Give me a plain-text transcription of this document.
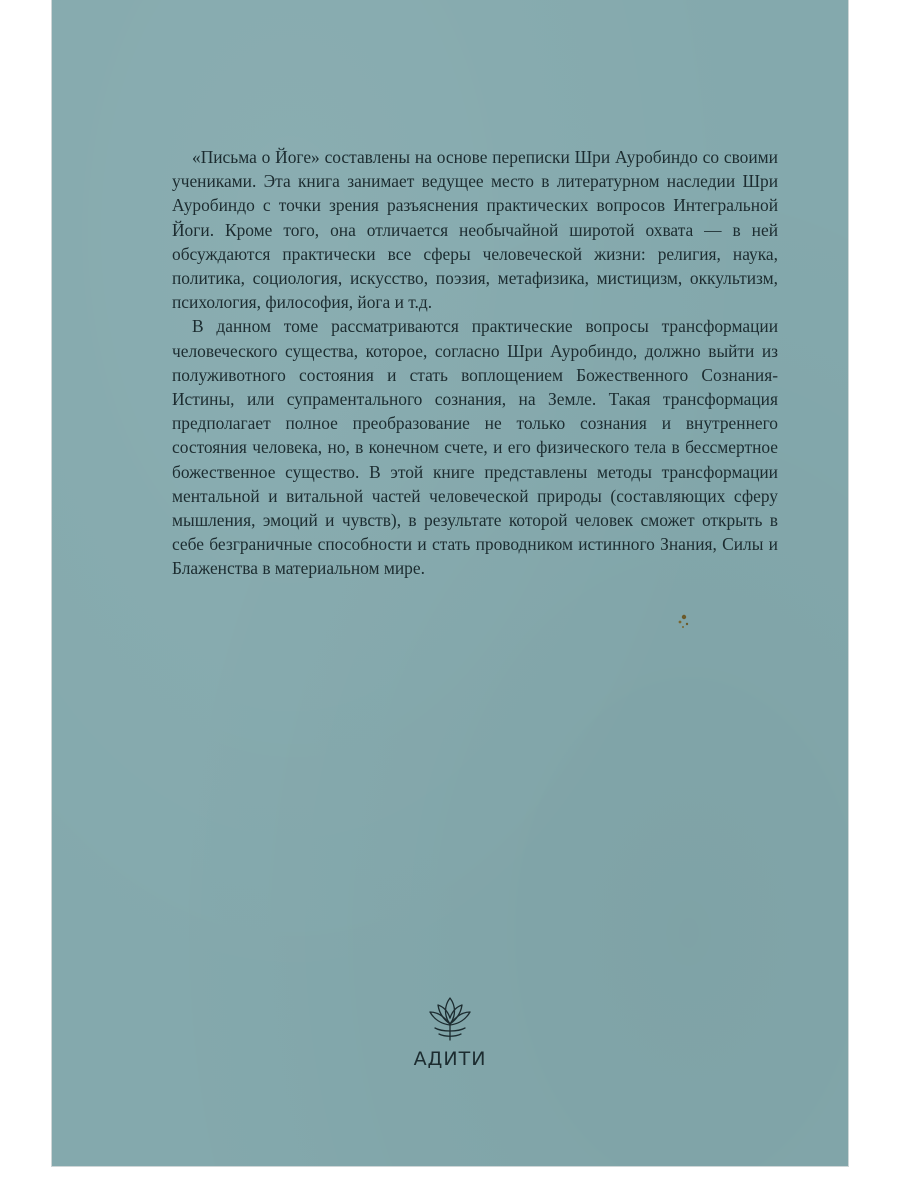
«Письма о Йоге» составлены на основе переписки Шри Ауробиндо со своими учениками. Эта книга занимает ведущее место в литературном наследии Шри Ауробиндо с точки зрения разъяснения практических вопросов Интегральной Йоги. Кроме того, она отличается необычайной широтой охвата — в ней обсуждаются практически все сферы человеческой жизни: религия, наука, политика, социология, искусство, поэзия, метафизика, мистицизм, оккультизм, психология, философия, йога и т.д.

В данном томе рассматриваются практические вопросы трансформации человеческого существа, которое, согласно Шри Ауробиндо, должно выйти из полуживотного состояния и стать воплощением Божественного Сознания-Истины, или супраментального сознания, на Земле. Такая трансформация предполагает полное преобразование не только сознания и внутреннего состояния человека, но, в конечном счете, и его физического тела в бессмертное божественное существо. В этой книге представлены методы трансформации ментальной и витальной частей человеческой природы (составляющих сферу мышления, эмоций и чувств), в результате которой человек сможет открыть в себе безграничные способности и стать проводником истинного Знания, Силы и Блаженства в материальном мире.

АДИТИ
